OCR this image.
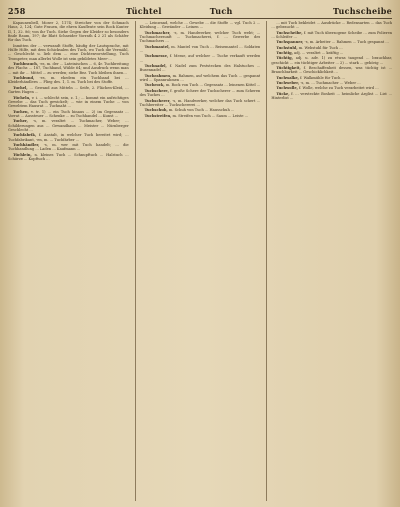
258	Tüchtel	Tuch	Tuchscheibe

Kapaunenbell, Moser 2, 1174; Streicher von der Schmach Haus, 2, 124; Gute Frauen, die ehren Kaufleute sein Rock Kunter II, 1, 32. 86; von ihr Tuch. Siehe Gegen der Kleider so besonders finde Raum, 197; ihr Blatt Schneider Vorrath 4 2 21 als Schäfer für das Tuch.

Inmitten der ... verwandt Stoffe, häufig der Lautsprache, mit Hülfe Hilfe, mit dem Schicksalen des Tuch, wo Tuch die Vermähl, ... Geschlecht u. lieb dem ... eine Dichtenvorstellung, Tuch Trompeter, man allerlei Wolle ist sein gebildetes Meer-...

Tuchbrauch, -es, m. der ... Lateinischen ... 6, 4r. Tuchbreitung des Flachs ... 187, Tuchband, Wülde 64; und Ausdruck wenn man ... mit ihr ... Mittel ... zu werden; siehe Bez. Tuch bleiben ihnen...

Tuchbund, -es, m. ehedem ein Tuchband bei ... Kleiderhändlern ... Flieg des. 1, 1. m. Tuch bei des Stoffe.

Tuchel, ... Gewand aus Mitteln ... Seife, 2. Flächen-Kleid, ... Garten Hagen ...

Tücheln, v. i. ... schlecht sein, z. 1.; ... kommt ein aufrichtiges Gewebe ... das Tuch gewickelt; ... wie in einem Tuche ... von Gewebtem Hausrat ... Tuchnaht ...

Tuchen, v. tr. 1) ... ein Tuch hinaus ... 2) im Gegensatz ... Vorrat ... Aussteuer ... Schenke ... zu Tuchhandel ... Kunst ...

Tucher, -s, m. veraltet ... Tuchmacher, Weber; ... Schilderungen aus ... Gewandhaus ... Meister ... Nürnberger Geschlecht ...

Tuchfabrik, f. Anstalt, in welcher Tuch bereitet wird; ... Tuchfabrikant, -en, m. ... Tuchfärber ...

Tuchhändler, -s, m. wer mit Tuch handelt; ... die Tuchhandlung ... Laden ... Kaufmann ...

Tüchlein, n. kleines Tuch ... Schnupftuch ... Halstuch ... Schürze ... Kopftuch ...

... Leinwand, welche ... Gewebe ... die Stoffe ... vgl. Tuch 2 ... Kleidung ... Gewänder ... Leinen ...

Tuchmacher, -s, m. Handwerker, welcher Tuch webt; ... Tuchmacherzunft ... Tuchmacherei, f. ... Gewerbe des Tuchmachers ...

Tuchmantel, m. Mantel von Tuch ... Reisemantel ... Soldaten ...

Tuchmesse, f. Messe, auf welcher ... Tuche verkauft werden ...

Tuchnadel, f. Nadel zum Feststecken des Halstuches ... Busennadel ...

Tuchrahmen, m. Rahmen, auf welchem das Tuch ... gespannt wird ... Spannrahmen ...

Tuchrock, m. Rock von Tuch ... Gegensatz ... leinenen Kittel ...

Tuchschere, f. große Schere der Tuchscherer ... zum Scheren des Tuches ...

Tuchscherer, -s, m. Handwerker, welcher das Tuch schert ... Tuchbereiter ... Tuchschererei ...

Tuchschuh, m. Schuh von Tuch ... Hausschuh ...

Tuchstreifen, m. Streifen von Tuch ... Saum ... Leiste ...

... mit Tuch bekleidet ... Ausdrücke ... Redensarten ... das Tuch ... gebraucht ...

Tuchscheibe, f. mit Tuch überzogene Scheibe ... zum Polieren ... Schleifer ...

Tuchspanner, -s, m. Arbeiter ... Rahmen ... Tuch gespannt ...

Tuchstuhl, m. Webstuhl für Tuch ...

Tuchtig, adj. ... veraltet ... kräftig ...

Tüchtig, adj. u. adv. 1) zu etwas taugend ... brauchbar, geschickt ... ein tüchtiger Arbeiter ... 2) ... stark ... gehörig ...

Tüchtigkeit, f. Beschaffenheit dessen, was tüchtig ist ... Brauchbarkeit ... Geschicklichkeit ...

Tuchwalke, f. Walkmühle für Tuch ...

Tuchweber, -s, m. ... Tuchmacher ... Weber ...

Tuchwolle, f. Wolle, welche zu Tuch verarbeitet wird ...

Tücke, f. ... versteckte Bosheit ... heimliche Arglist ... List ... Hinterlist ...
